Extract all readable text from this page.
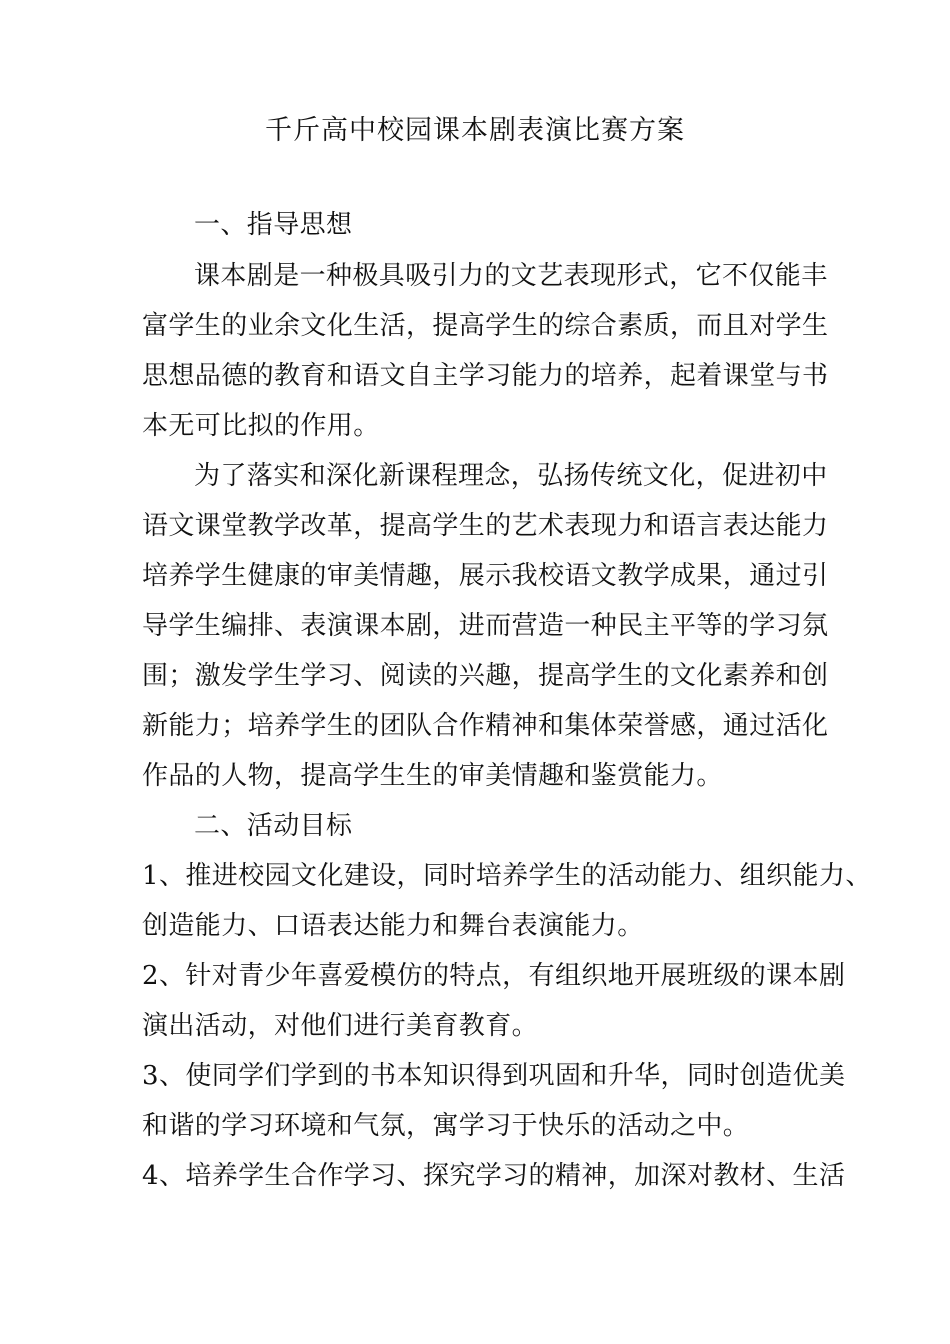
千斤高中校园课本剧表演比赛方案
一、指导思想
课本剧是一种极具吸引力的文艺表现形式，它不仅能丰
富学生的业余文化生活，提高学生的综合素质，而且对学生
思想品德的教育和语文自主学习能力的培养，起着课堂与书
本无可比拟的作用。
为了落实和深化新课程理念，弘扬传统文化，促进初中
语文课堂教学改革，提高学生的艺术表现力和语言表达能力
培养学生健康的审美情趣，展示我校语文教学成果，通过引
导学生编排、表演课本剧，进而营造一种民主平等的学习氛
围；激发学生学习、阅读的兴趣，提高学生的文化素养和创
新能力；培养学生的团队合作精神和集体荣誉感，通过活化
作品的人物，提高学生生的审美情趣和鉴赏能力。
二、活动目标
1、推进校园文化建设，同时培养学生的活动能力、组织能力、
创造能力、口语表达能力和舞台表演能力。
2、针对青少年喜爱模仿的特点，有组织地开展班级的课本剧
演出活动，对他们进行美育教育。
3、使同学们学到的书本知识得到巩固和升华，同时创造优美
和谐的学习环境和气氛，寓学习于快乐的活动之中。
4、培养学生合作学习、探究学习的精神，加深对教材、生活
